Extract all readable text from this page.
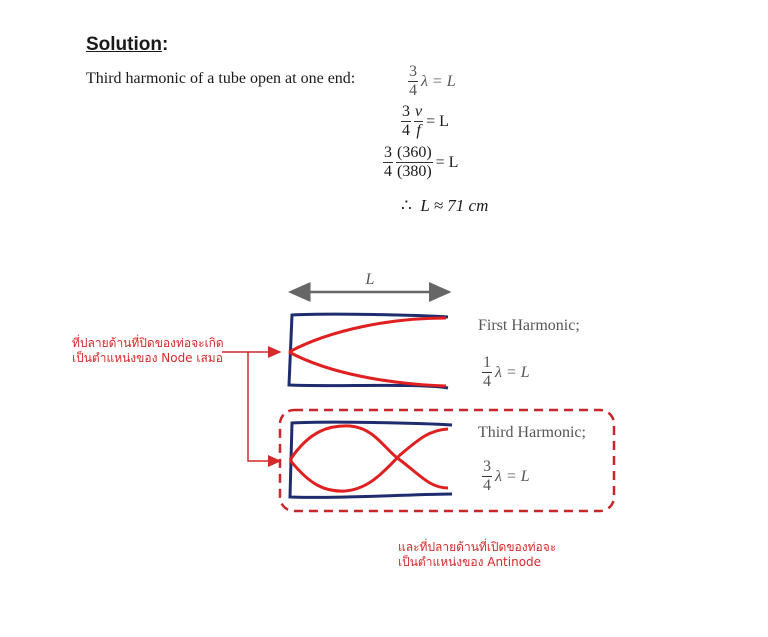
Solution:
Third harmonic of a tube open at one end:	$\frac{3}{4}$ λ = L
$\frac{3}{4} \frac{v}{f} = L$
$\frac{3}{4} \frac{(360)}{(380)} = L$
∴ L ≈ 71 cm
L
First Harmonic;
$\frac{1}{4}$ λ = L
Third Harmonic;
$\frac{3}{4}$ λ = L
ที่ปลายด้านที่ปิดของท่อจะเกิด
เป็นตำแหน่งของ Node เสมอ
และที่ปลายด้านที่เปิดของท่อจะ
เป็นตำแหน่งของ Antinode
